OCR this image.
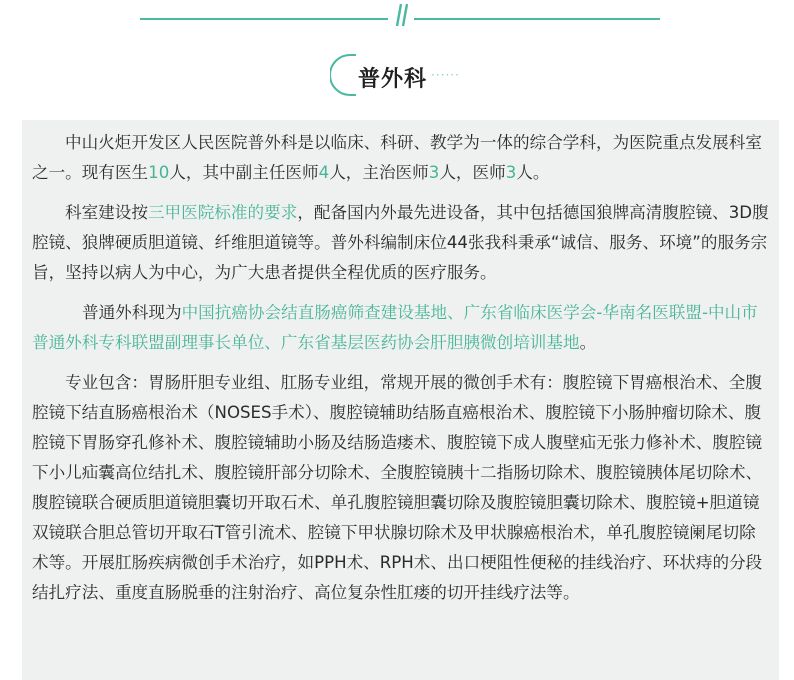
普外科 ······

中山火炬开发区人民医院普外科是以临床、科研、教学为一体的综合学科，为医院重点发展科室之一。现有医生10人，其中副主任医师4人，主治医师3人，医师3人。

科室建设按三甲医院标准的要求，配备国内外最先进设备，其中包括德国狼牌高清腹腔镜、3D腹腔镜、狼牌硬质胆道镜、纤维胆道镜等。普外科编制床位44张我科秉承“诚信、服务、环境”的服务宗旨，坚持以病人为中心，为广大患者提供全程优质的医疗服务。

普通外科现为中国抗癌协会结直肠癌筛查建设基地、广东省临床医学会-华南名医联盟-中山市普通外科专科联盟副理事长单位、广东省基层医药协会肝胆胰微创培训基地。

专业包含：胃肠肝胆专业组、肛肠专业组，常规开展的微创手术有：腹腔镜下胃癌根治术、全腹腔镜下结直肠癌根治术（NOSES手术）、腹腔镜辅助结肠直癌根治术、腹腔镜下小肠肿瘤切除术、腹腔镜下胃肠穿孔修补术、腹腔镜辅助小肠及结肠造瘘术、腹腔镜下成人腹壁疝无张力修补术、腹腔镜下小儿疝囊高位结扎术、腹腔镜肝部分切除术、全腹腔镜胰十二指肠切除术、腹腔镜胰体尾切除术、腹腔镜联合硬质胆道镜胆囊切开取石术、单孔腹腔镜胆囊切除及腹腔镜胆囊切除术、腹腔镜+胆道镜双镜联合胆总管切开取石T管引流术、腔镜下甲状腺切除术及甲状腺癌根治术，单孔腹腔镜阑尾切除术等。开展肛肠疾病微创手术治疗，如PPH术、RPH术、出口梗阻性便秘的挂线治疗、环状痔的分段结扎疗法、重度直肠脱垂的注射治疗、高位复杂性肛瘘的切开挂线疗法等。
